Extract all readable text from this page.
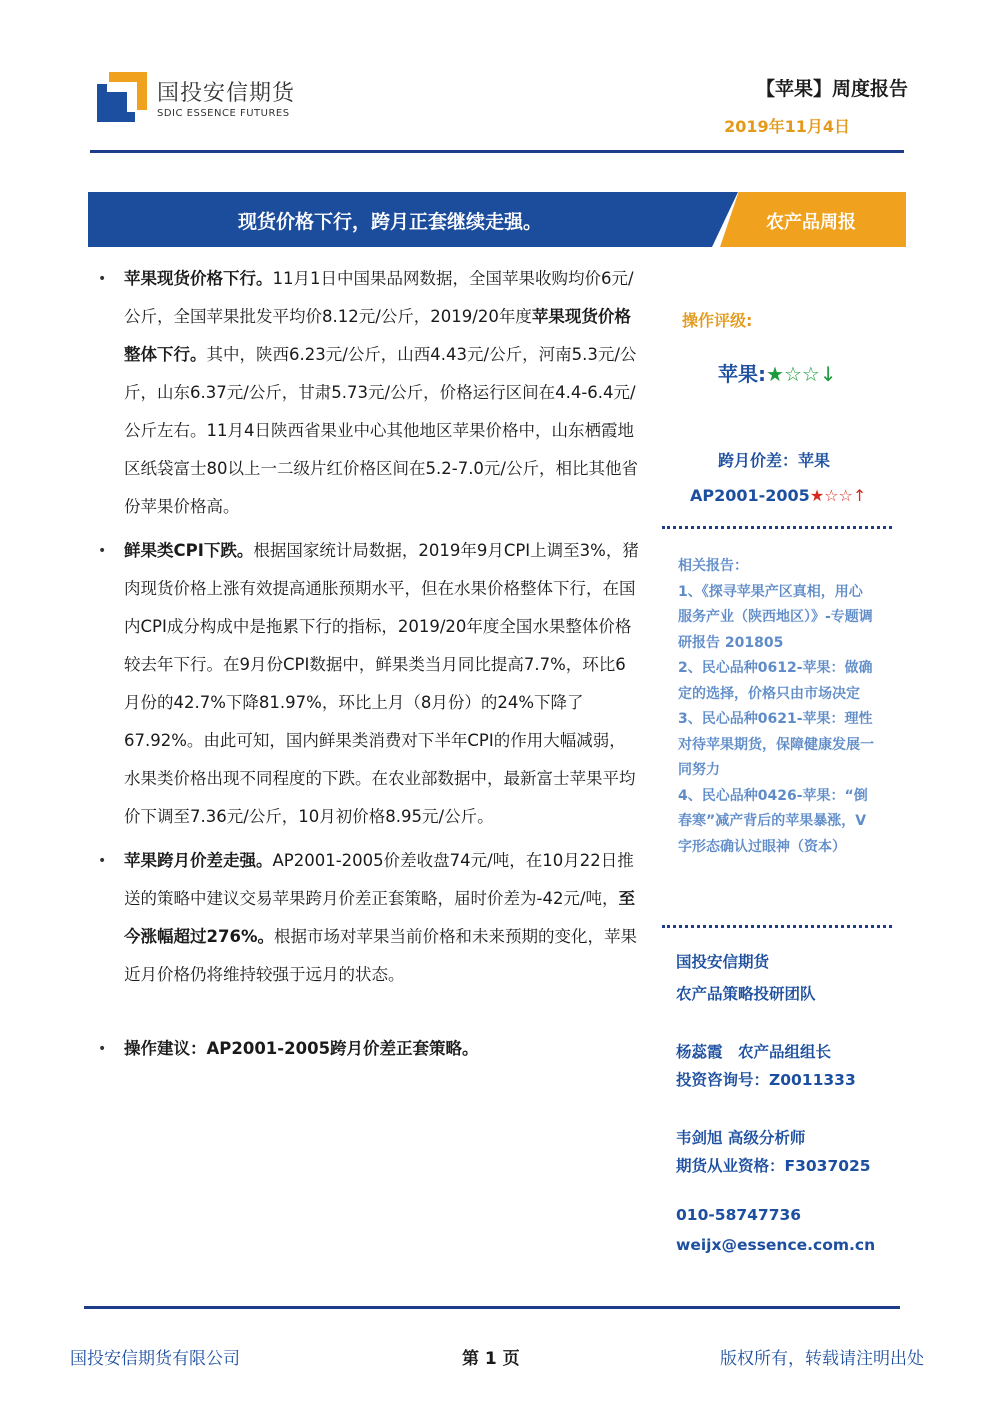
国投安信期货
SDIC ESSENCE FUTURES
【苹果】周度报告
2019年11月4日
现货价格下行，跨月正套继续走强。	农产品周报
• 苹果现货价格下行。11月1日中国果品网数据，全国苹果收购均价6元/公斤，全国苹果批发平均价8.12元/公斤，2019/20年度苹果现货价格整体下行。其中，陕西6.23元/公斤，山西4.43元/公斤，河南5.3元/公斤，山东6.37元/公斤，甘肃5.73元/公斤，价格运行区间在4.4-6.4元/公斤左右。11月4日陕西省果业中心其他地区苹果价格中，山东栖霞地区纸袋富士80以上一二级片红价格区间在5.2-7.0元/公斤，相比其他省份苹果价格高。
• 鲜果类CPI下跌。根据国家统计局数据，2019年9月CPI上调至3%，猪肉现货价格上涨有效提高通胀预期水平，但在水果价格整体下行，在国内CPI成分构成中是拖累下行的指标，2019/20年度全国水果整体价格较去年下行。在9月份CPI数据中，鲜果类当月同比提高7.7%，环比6月份的42.7%下降81.97%，环比上月（8月份）的24%下降了67.92%。由此可知，国内鲜果类消费对下半年CPI的作用大幅减弱，水果类价格出现不同程度的下跌。在农业部数据中，最新富士苹果平均价下调至7.36元/公斤，10月初价格8.95元/公斤。
• 苹果跨月价差走强。AP2001-2005价差收盘74元/吨，在10月22日推送的策略中建议交易苹果跨月价差正套策略，届时价差为-42元/吨，至今涨幅超过276%。根据市场对苹果当前价格和未来预期的变化，苹果近月价格仍将维持较强于远月的状态。
• 操作建议：AP2001-2005跨月价差正套策略。
操作评级:
苹果:★☆☆↓
跨月价差：苹果
AP2001-2005★☆☆↑
相关报告：
1、《探寻苹果产区真相，用心
服务产业（陕西地区）》-专题调
研报告 201805
2、民心品种0612-苹果：做确
定的选择，价格只由市场决定
3、民心品种0621-苹果：理性
对待苹果期货，保障健康发展一
同努力
4、民心品种0426-苹果：“倒
春寒”减产背后的苹果暴涨，V
字形态确认过眼神（资本）
国投安信期货
农产品策略投研团队
杨蕊霞　农产品组组长
投资咨询号：Z0011333
韦剑旭 高级分析师
期货从业资格：F3037025
010-58747736
weijx@essence.com.cn
国投安信期货有限公司	第 1 页	版权所有，转载请注明出处
